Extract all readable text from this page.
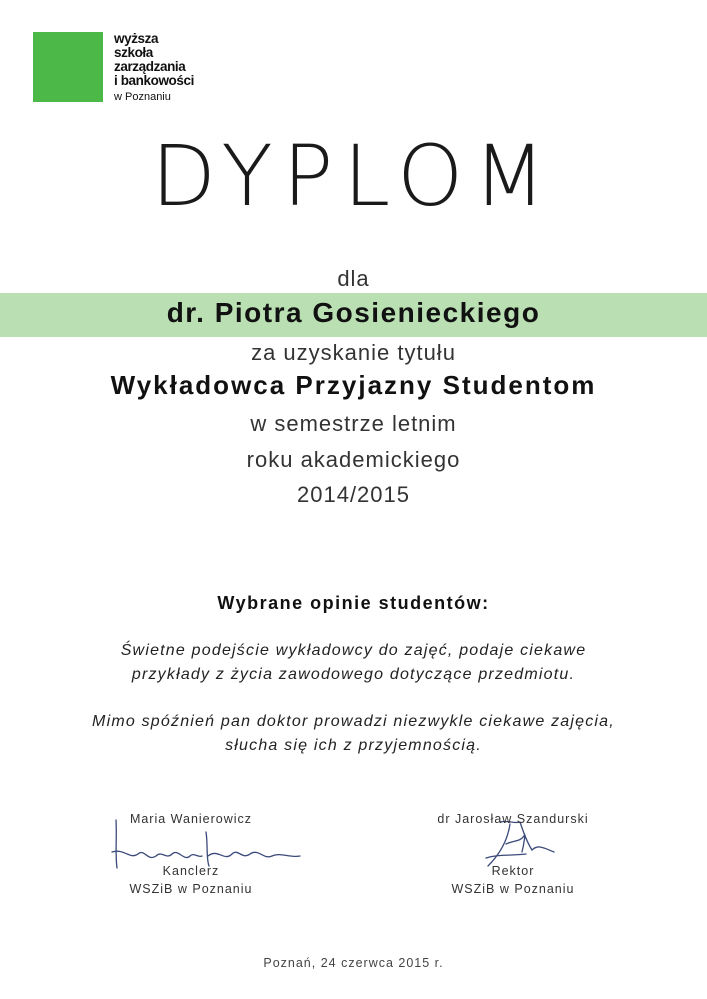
wyższa
szkoła
zarządzania
i bankowości
w Poznaniu
DYPLOM
dla
dr. Piotra Gosienieckiego
za uzyskanie tytułu
Wykładowca Przyjazny Studentom
w semestrze letnim
roku akademickiego
2014/2015
Wybrane opinie studentów:
Świetne podejście wykładowcy do zajęć, podaje ciekawe
przykłady z życia zawodowego dotyczące przedmiotu.
Mimo spóźnień pan doktor prowadzi niezwykle ciekawe zajęcia,
słucha się ich z przyjemnością.
Maria Wanierowicz
Kanclerz
WSZiB w Poznaniu
dr Jarosław Szandurski
Rektor
WSZiB w Poznaniu
Poznań, 24 czerwca 2015 r.
